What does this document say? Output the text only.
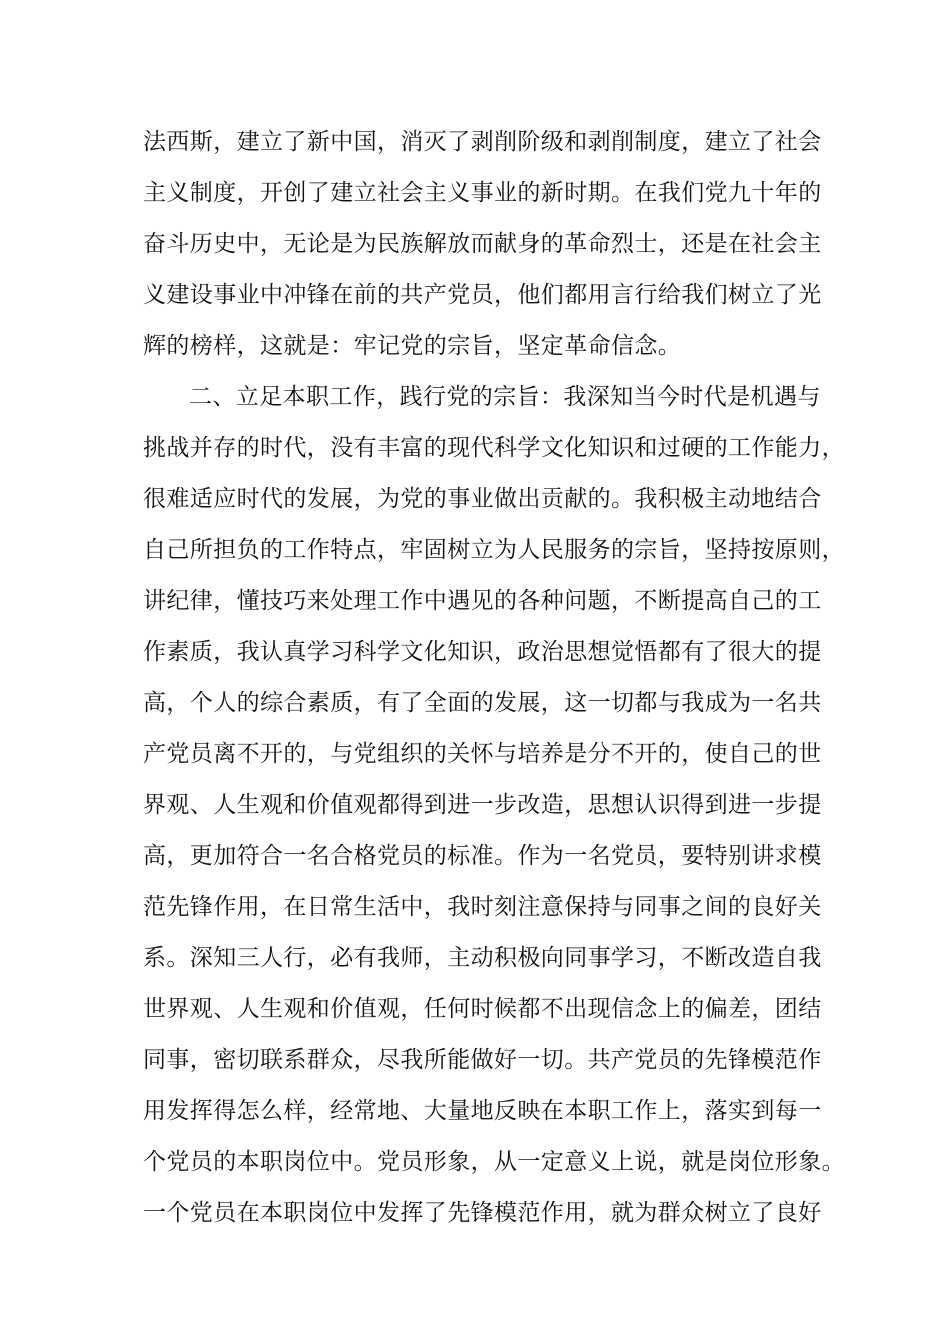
法西斯，建立了新中国，消灭了剥削阶级和剥削制度，建立了社会
主义制度，开创了建立社会主义事业的新时期。在我们党九十年的
奋斗历史中，无论是为民族解放而献身的革命烈士，还是在社会主
义建设事业中冲锋在前的共产党员，他们都用言行给我们树立了光
辉的榜样，这就是：牢记党的宗旨，坚定革命信念。
二、立足本职工作，践行党的宗旨：我深知当今时代是机遇与
挑战并存的时代，没有丰富的现代科学文化知识和过硬的工作能力，
很难适应时代的发展，为党的事业做出贡献的。我积极主动地结合
自己所担负的工作特点，牢固树立为人民服务的宗旨，坚持按原则，
讲纪律，懂技巧来处理工作中遇见的各种问题，不断提高自己的工
作素质，我认真学习科学文化知识，政治思想觉悟都有了很大的提
高，个人的综合素质，有了全面的发展，这一切都与我成为一名共
产党员离不开的，与党组织的关怀与培养是分不开的，使自己的世
界观、人生观和价值观都得到进一步改造，思想认识得到进一步提
高，更加符合一名合格党员的标准。作为一名党员，要特别讲求模
范先锋作用，在日常生活中，我时刻注意保持与同事之间的良好关
系。深知三人行，必有我师，主动积极向同事学习，不断改造自我
世界观、人生观和价值观，任何时候都不出现信念上的偏差，团结
同事，密切联系群众，尽我所能做好一切。共产党员的先锋模范作
用发挥得怎么样，经常地、大量地反映在本职工作上，落实到每一
个党员的本职岗位中。党员形象，从一定意义上说，就是岗位形象。
一个党员在本职岗位中发挥了先锋模范作用，就为群众树立了良好
